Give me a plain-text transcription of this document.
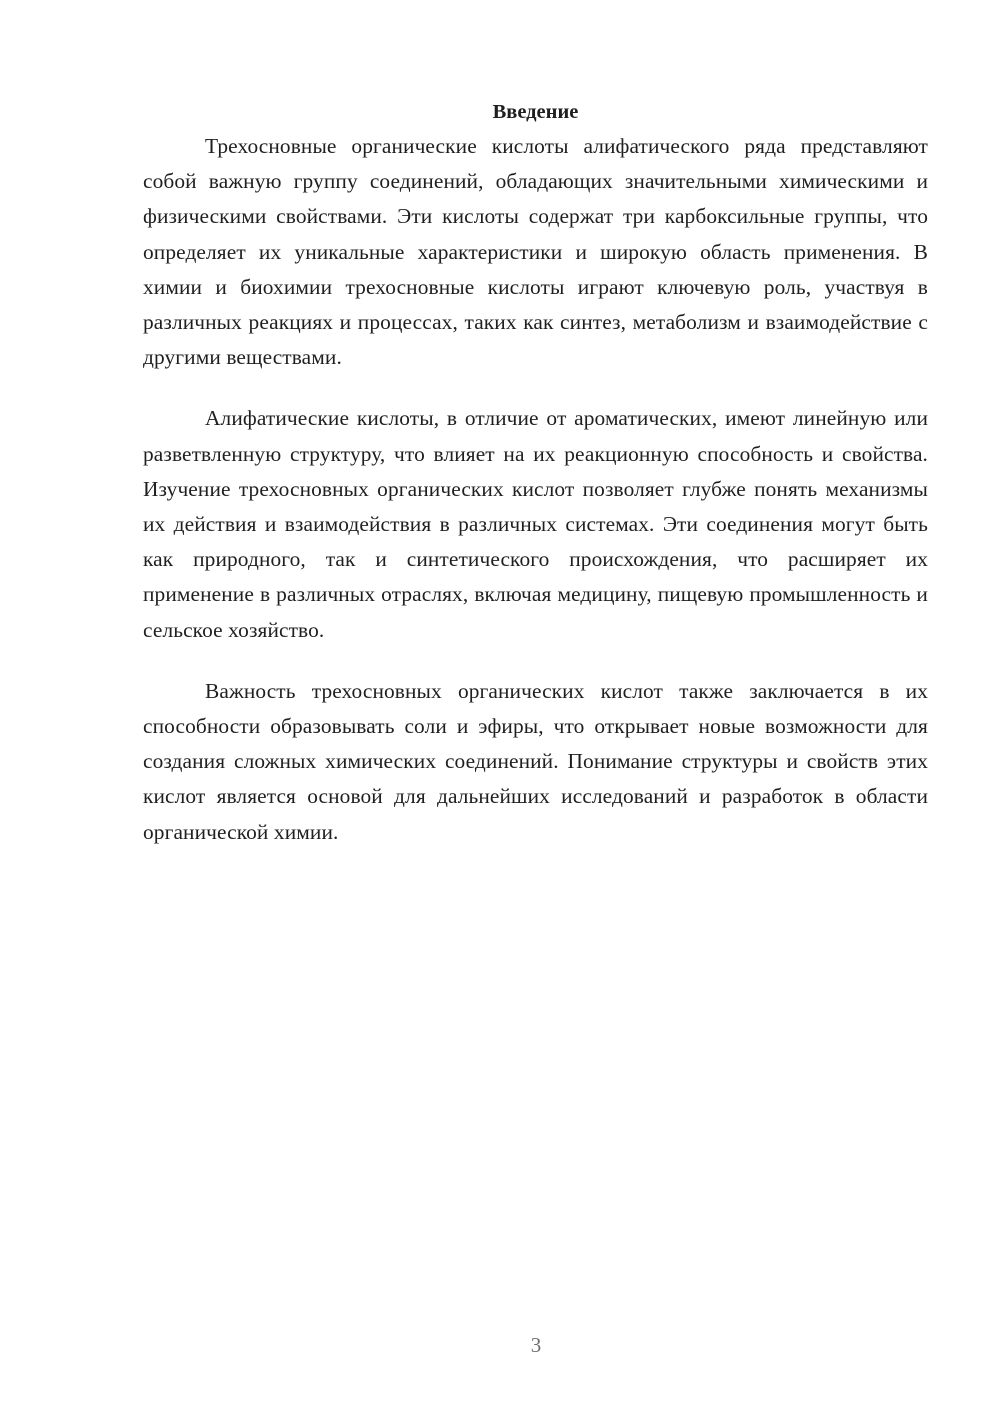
Введение

Трехосновные органические кислоты алифатического ряда представляют собой важную группу соединений, обладающих значительными химическими и физическими свойствами. Эти кислоты содержат три карбоксильные группы, что определяет их уникальные характеристики и широкую область применения. В химии и биохимии трехосновные кислоты играют ключевую роль, участвуя в различных реакциях и процессах, таких как синтез, метаболизм и взаимодействие с другими веществами.

Алифатические кислоты, в отличие от ароматических, имеют линейную или разветвленную структуру, что влияет на их реакционную способность и свойства. Изучение трехосновных органических кислот позволяет глубже понять механизмы их действия и взаимодействия в различных системах. Эти соединения могут быть как природного, так и синтетического происхождения, что расширяет их применение в различных отраслях, включая медицину, пищевую промышленность и сельское хозяйство.

Важность трехосновных органических кислот также заключается в их способности образовывать соли и эфиры, что открывает новые возможности для создания сложных химических соединений. Понимание структуры и свойств этих кислот является основой для дальнейших исследований и разработок в области органической химии.

3
